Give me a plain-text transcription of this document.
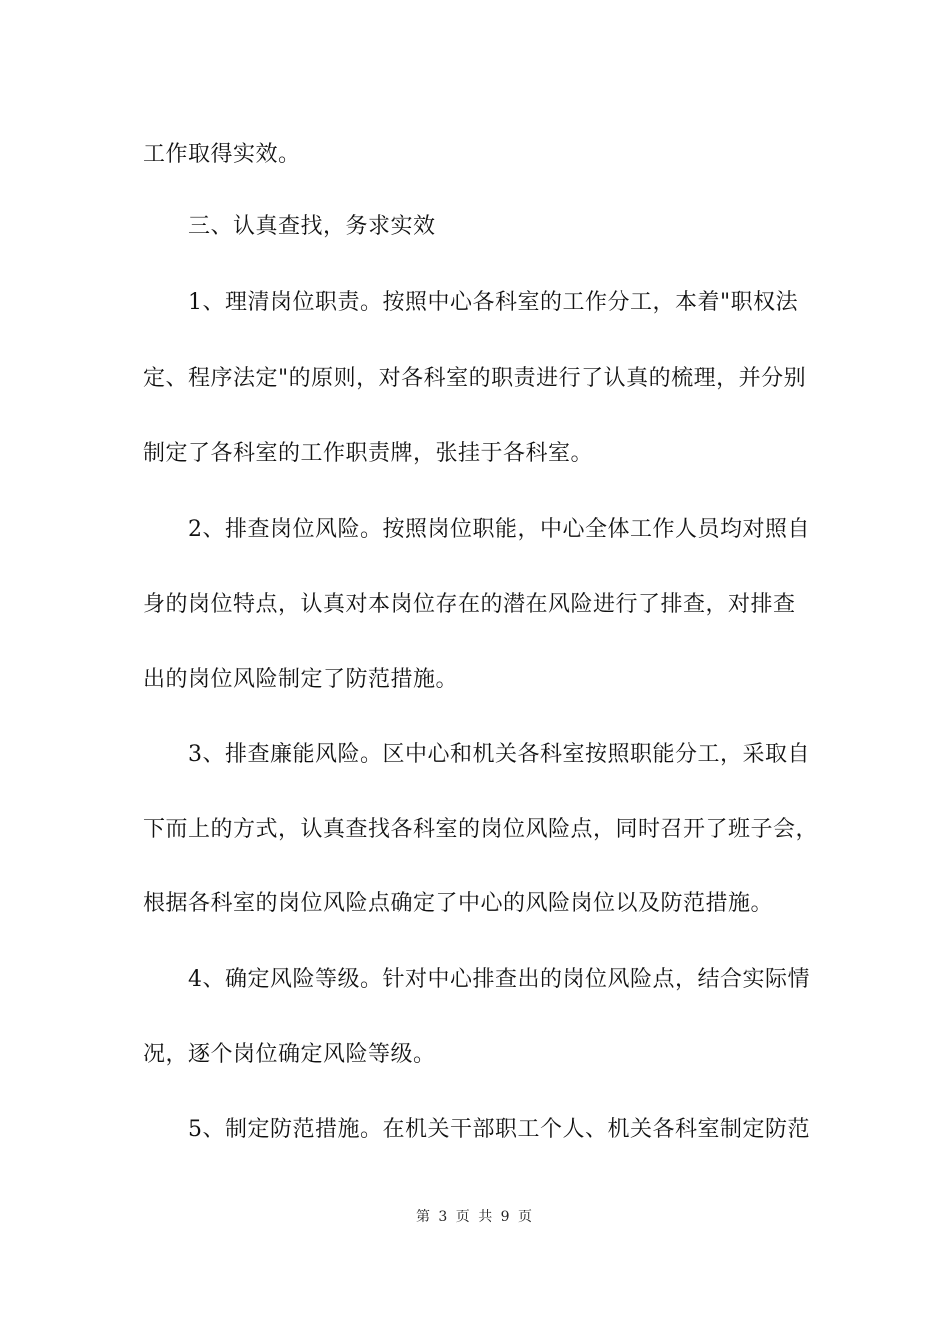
工作取得实效。
三、认真查找，务求实效
1、理清岗位职责。按照中心各科室的工作分工，本着"职权法
定、程序法定"的原则，对各科室的职责进行了认真的梳理，并分别
制定了各科室的工作职责牌，张挂于各科室。
2、排查岗位风险。按照岗位职能，中心全体工作人员均对照自
身的岗位特点，认真对本岗位存在的潜在风险进行了排查，对排查
出的岗位风险制定了防范措施。
3、排查廉能风险。区中心和机关各科室按照职能分工，采取自
下而上的方式，认真查找各科室的岗位风险点，同时召开了班子会，
根据各科室的岗位风险点确定了中心的风险岗位以及防范措施。
4、确定风险等级。针对中心排查出的岗位风险点，结合实际情
况，逐个岗位确定风险等级。
5、制定防范措施。在机关干部职工个人、机关各科室制定防范
第 3 页 共 9 页
